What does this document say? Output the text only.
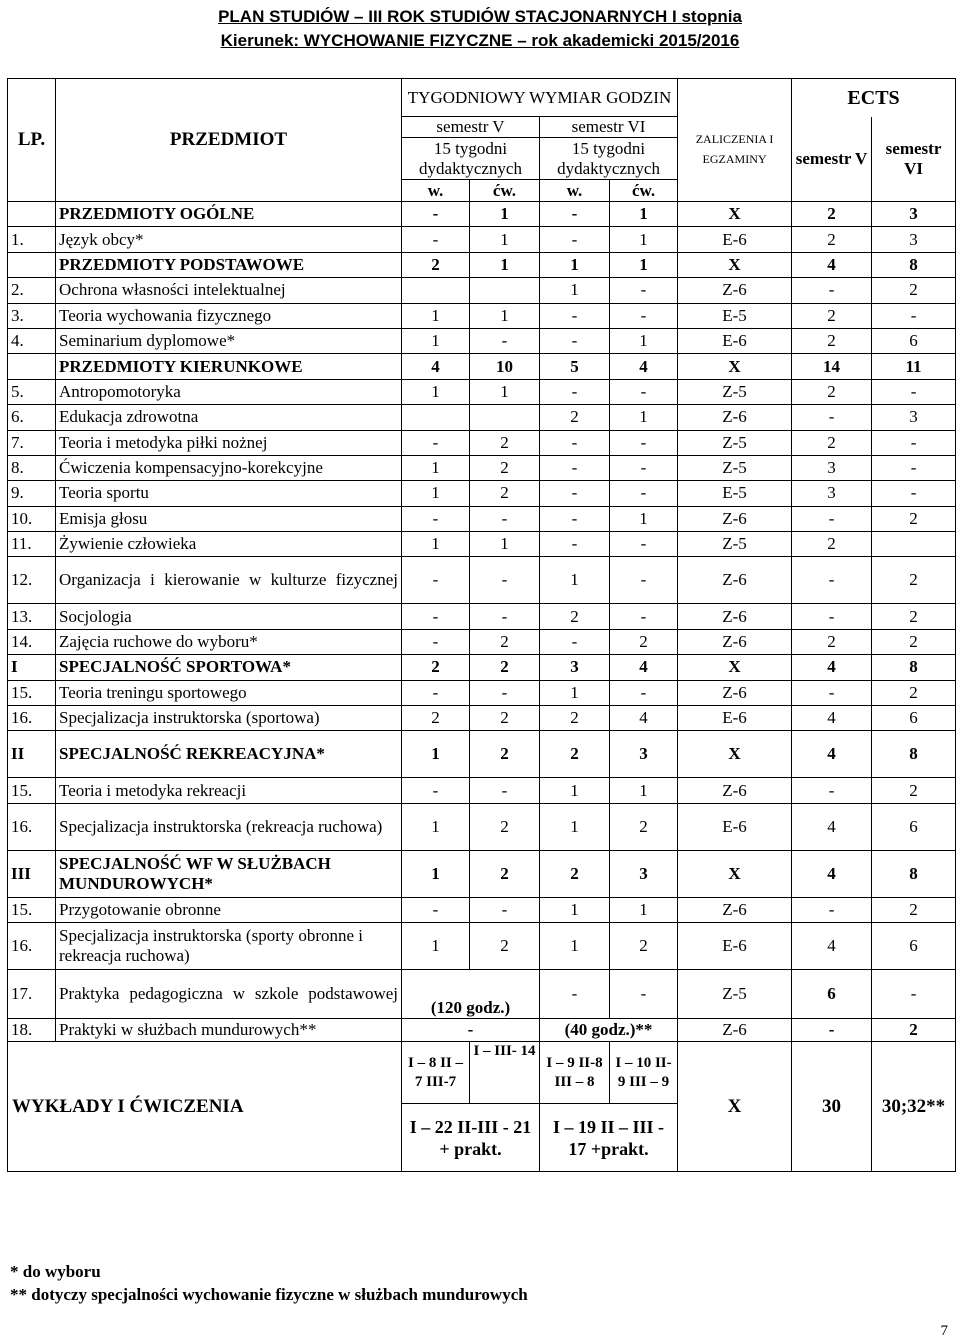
PLAN STUDIÓW – III ROK STUDIÓW STACJONARNYCH I stopnia
Kierunek: WYCHOWANIE FIZYCZNE – rok akademicki 2015/2016
LP.	PRZEDMIOT	TYGODNIOWY WYMIAR GODZIN				ZALICZENIA I EGZAMINY	ECTS	
		semestr V		semestr VI			semestr V	semestr VI
		15 tygodni dydaktycznych		15 tygodni dydaktycznych				
		w.	ćw.	w.	ćw.			
	PRZEDMIOTY OGÓLNE	-	1	-	1	X	2	3
1.	Język obcy*	-	1	-	1	E-6	2	3
	PRZEDMIOTY PODSTAWOWE	2	1	1	1	X	4	8
2.	Ochrona własności intelektualnej			1	-	Z-6	-	2
3.	Teoria wychowania fizycznego	1	1	-	-	E-5	2	-
4.	Seminarium dyplomowe*	1	-	-	1	E-6	2	6
	PRZEDMIOTY KIERUNKOWE	4	10	5	4	X	14	11
5.	Antropomotoryka	1	1	-	-	Z-5	2	-
6.	Edukacja zdrowotna			2	1	Z-6	-	3
7.	Teoria i metodyka piłki nożnej	-	2	-	-	Z-5	2	-
8.	Ćwiczenia kompensacyjno-korekcyjne	1	2	-	-	Z-5	3	-
9.	Teoria sportu	1	2	-	-	E-5	3	-
10.	Emisja głosu	-	-	-	1	Z-6	-	2
11.	Żywienie człowieka	1	1	-	-	Z-5	2	
12.	Organizacja i kierowanie w kulturze fizycznej	-	-	1	-	Z-6	-	2
13.	Socjologia	-	-	2	-	Z-6	-	2
14.	Zajęcia ruchowe do wyboru*	-	2	-	2	Z-6	2	2
I	SPECJALNOŚĆ SPORTOWA*	2	2	3	4	X	4	8
15.	Teoria treningu sportowego	-	-	1	-	Z-6	-	2
16.	Specjalizacja instruktorska (sportowa)	2	2	2	4	E-6	4	6
II	SPECJALNOŚĆ REKREACYJNA*	1	2	2	3	X	4	8
15.	Teoria i metodyka rekreacji	-	-	1	1	Z-6	-	2
16.	Specjalizacja instruktorska (rekreacja ruchowa)	1	2	1	2	E-6	4	6
III	SPECJALNOŚĆ WF W SŁUŻBACH MUNDUROWYCH*	1	2	2	3	X	4	8
15.	Przygotowanie obronne	-	-	1	1	Z-6	-	2
16.	Specjalizacja instruktorska (sporty obronne i rekreacja ruchowa)	1	2	1	2	E-6	4	6
17.	Praktyka pedagogiczna w szkole podstawowej	(120 godz.)		-	-	Z-5	6	-
18.	Praktyki w służbach mundurowych**	-		(40 godz.)**		Z-6	-	2
WYKŁADY I ĆWICZENIA		I – 8 II – 7 III-7	I – III- 14	I – 9 II-8 III – 8	I – 10 II-9 III – 9	X	30	30;32**
		I – 22 II-III - 21 + prakt.		I – 19 II – III - 17 +prakt.				
* do wyboru
** dotyczy specjalności wychowanie fizyczne w służbach mundurowych
7
